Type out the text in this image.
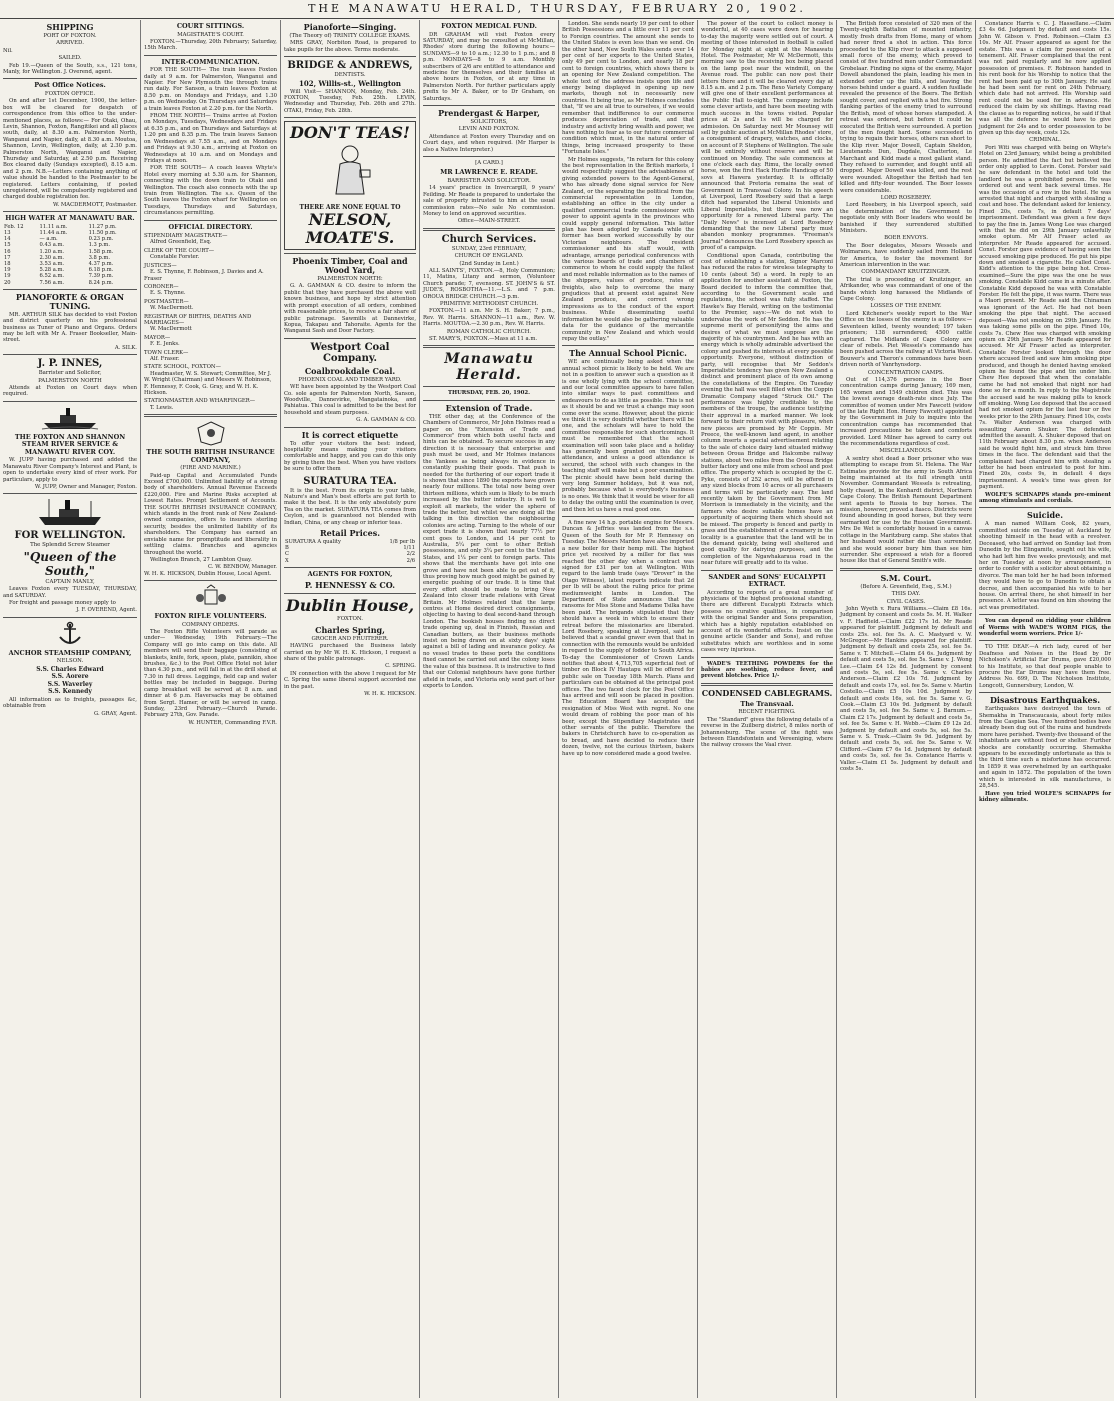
THE MANAWATU HERALD, THURSDAY, FEBRUARY 20, 1902.
SHIPPING
PORT OF FOXTON.
ARRIVED.
Nil.
SAILED.
Feb 19.—Queen of the South, s.s., 121 tons, Manly, for Wellington. J. Overend, agent.
Post Office Notices.
FOXTON OFFICE.
On and after 1st December, 1900, the letter-box will be cleared for despatch of correspondence from this office to the under-mentioned places, as follows:— For Otaki, Ohau, Levin, Shannon, Foxton, Rangitikei and all places south, daily, at 8.30 a.m. Palmerston North, Wanganui and Napier, daily, at 8.30 a.m. Moutoa, Shannon, Levin, Wellington, daily, at 2.30 p.m. Palmerston North, Wanganui and Napier, Thursday and Saturday, at 2.50 p.m. Receiving Box cleared daily (Sundays excepted), 8.15 a.m. and 2 p.m. N.B.—Letters containing anything of value should be handed to the Postmaster to be registered. Letters containing, if posted unregistered, will be compulsorily registered and charged double registration fee.
W. MACDERMOTT, Postmaster.
HIGH WATER AT MANAWATU BAR.
Feb. 12	11.11 a.m.	11.27 p.m.
13	11.44 a.m.	11.50 p.m.
14	— a.m.	0.23 p.m.
15	0.43 a.m.	1.3 p.m.
16	1.20 a.m.	1.58 p.m.
17	2.30 a.m.	3.8 p.m.
18	3.53 a.m.	4.37 p.m.
19	5.28 a.m.	6.18 p.m.
19	6.52 a.m.	7.39 p.m.
20	7.56 a.m.	8.24 p.m.
PIANOFORTE & ORGAN TUNING.
MR. ARTHUR SILK has decided to visit Foxton and district quarterly on his professional business as Tuner of Piano and Organs. Orders may be left with Mr A. Fraser Bookseller, Main-street.
A. SILK.
J. P. INNES,
Barrister and Solicitor,
PALMERSTON NORTH
Attends at Foxton on Court days when required.
THE FOXTON AND SHANNON STEAM RIVER SERVICE & MANAWATU RIVER COY.
W. JUPP having purchased and added the Manawatu River Company's Interest and Plant, is open to undertake every kind of river work. For particulars, apply to
W. JUPP, Owner and Manager, Foxton.
FOR WELLINGTON.
The Splendid Screw Steamer
"Queen of the South,"
CAPTAIN MANLY,
Leaves Foxton every TUESDAY, THURSDAY, and SATURDAY.
For freight and passage money apply to
J. F. OVEREND, Agent.
ANCHOR STEAMSHIP COMPANY,
NELSON.
S.S. Charles Edward
S.S. Aorere
S.S. Waverley
S.S. Kennedy
All information as to freights, passages &c, obtainable from
G. GRAY, Agent.
COURT SITTINGS.
MAGISTRATE'S COURT.
FOXTON.—Thursday, 20th February; Saturday, 15th March.
INTER-COMMUNICATION.
FOR THE SOUTH— The train leaves Foxton daily at 9 a.m. for Palmerston, Wanganui and Napier. For New Plymouth the through trains run daily. For Sanson, a train leaves Foxton at 8.50 p.m. on Mondays and Fridays, and 1.30 p.m. on Wednesday. On Thursdays and Saturdays a train leaves Foxton at 2.20 p.m. for the North.
FROM THE NORTH— Trains arrive at Foxton on Mondays, Tuesdays, Wednesdays and Fridays at 6.35 p.m., and on Thursdays and Saturdays at 1.20 pm and 8.35 p.m. The train leaves Sanson on Wednesdays at 7.55 a.m., and on Mondays and Fridays at 9.30 a.m., arriving at Foxton on Wednesdays at 10 a.m. and on Mondays and Fridays at noon.
FOR THE SOUTH— A coach leaves Whyte's Hotel every morning at 5.30 a.m. for Shannon, connecting with the down train to Otaki and Wellington. The coach also connects with the up train from Wellington. The s.s. Queen of the South leaves the Foxton wharf for Wellington on Tuesdays, Thursdays and Saturdays, circumstances permitting.
OFFICIAL DIRECTORY.
STIPENDIARY MAGISTRATE—
Alfred Greenfield, Esq.
CLERK OF THE COURT—
Constable Forster.
JUSTICES—
E. S. Thynne, F. Robinson, J. Davies and A. Fraser
CORONER—
E. S. Thynne.
POSTMASTER—
W. MacDermott.
REGISTRAR OF BIRTHS, DEATHS AND MARRIAGES—
W. MacDermott
MAYOR—
F. E. Jenks.
TOWN CLERK—
Alf. Fraser.
STATE SCHOOL, FOXTON—
Headmaster, W. S. Stewart; Committee, Mr J. W. Wright (Chairman) and Messrs W. Robinson, F. Hennessy, F. Cook, G. Gray, and W. H. K. Hickson.
STATIONMASTER AND WHARFINGER—
T. Lewis.
THE SOUTH BRITISH INSURANCE COMPANY,
(FIRE AND MARINE.)
Paid-up Capital and Accumulated Funds Exceed £700,000. Unlimited liability of a strong body of shareholders. Annual Revenue Exceeds £220,000. Fire and Marine Risks accepted at Lowest Rates. Prompt Settlement of Accounts. THE SOUTH BRITISH INSURANCE COMPANY, which stands in the front rank of New Zealand-owned companies, offers to insurers sterling security, besides the unlimited liability of its shareholders. The Company has earned an enviable name for promptitude and liberality in settling claims. Branches and agencies throughout the world.
Wellington Branch, 27 Lambton Quay.
C. W. BENBOW, Manager.
W. H. K. HICKSON, Dublin House, Local Agent.
FOXTON RIFLE VOLUNTEERS.
COMPANY ORDERS.
The Foxton Rifle Volunteers will parade as under— Wednesday, 19th February.—The Company will go into camp on this date. All members will send their baggage (consisting of blankets, knife, fork, spoon, plate, pannikin, shoe brushes, &c.) to the Post Office Hotel not later than 4.30 p.m., and will fall in at the drill shed at 7.30 in full dress. Leggings, field cap and water bottles may be included in baggage. During camp breakfast will be served at 8 a.m. and dinner at 6 p.m. Haversacks may be obtained from Sergt. Hamer, or will be served in camp. Sunday, 23rd February.—Church Parade. February 27th, Gov. Parade.
W. HUNTER, Commanding F.V.R.
Pianoforte—Singing.
(The Theory of) TRINITY COLLEGE EXAMS.
MRS GRAY, Norbiton Road, is prepared to take pupils for the above. Terms moderate.
BRIDGE & ANDREWS,
DENTISTS.
102, Willis-st., Wellington
Will Visit— SHANNON, Monday, Feb. 24th. FOXTON, Tuesday, Feb. 25th. LEVIN, Wednesday and Thursday, Feb. 26th and 27th. OTAKI, Friday, Feb. 28th.
DON'T TEAS!
THERE ARE NONE EQUAL TO
NELSON, MOATE'S.
Phoenix Timber, Coal and Wood Yard,
PALMERSTON NORTH:
G. A. GAMMAN & CO. desire to inform the public that they have purchased the above well known business, and hope by strict attention with prompt execution of all orders, combined with reasonable prices, to receive a fair share of public patronage. Sawmills at Dannevirke, Kopua, Takapau and Tahoraite. Agents for the Wanganui Sash and Door Factory.
Westport Coal Company.
Coalbrookdale Coal.
PHOENIX COAL AND TIMBER YARD.
WE have been appointed by the Westport Coal Co. sole agents for Palmerston North, Sanson, Woodville, Dannevirke, Mangatainoka, and Pahiatua. This coal is admitted to be the best for household and steam purposes.
G. A. GAMMAN & CO.
It is correct etiquette
To offer your visitors the best: indeed, hospitality means making your visitors comfortable and happy, and you can do this only by giving them the best. When you have visitors be sure to offer them
SURATURA TEA.
It is the best. From its origin to your table, Nature's and Man's best efforts are put forth to make it the best. It is the only absolutely pure Tea on the market. SURATURA TEA comes from Ceylon, and is guaranteed not blended with Indian, China, or any cheap or inferior teas.
Retail Prices.
SURATURA A quality	1/8 per lb
B	1/11
C	2/2
X	2/6
AGENTS FOR FOXTON,
P. HENNESSY & CO.
Dublin House,
FOXTON.
Charles Spring,
GROCER AND FRUITERER.
HAVING purchased the Business lately carried on by Mr W. H. K. Hickson, I request a share of the public patronage.
C. SPRING.
IN connection with the above I request for Mr C. Spring the same liberal support accorded me in the past.
W. H. K. HICKSON.
FOXTON MEDICAL FUND.
DR GRAHAM will visit Foxton every SATURDAY, and may be consulted at McMillan, Rhodes' store during the following hours:— SUNDAYS—9 to 10 a.m.; 12.30 to 1 p.m.; and 8 p.m. MONDAYS—8 to 9 a.m. Monthly subscribers of 2/6 are entitled to attendance and medicine for themselves and their families at above hours in Foxton, or at any time in Palmerston North. For further particulars apply prefix to Mr A. Baker, or to Dr Graham, on Saturdays.
Prendergast & Harper,
SOLICITORS,
LEVIN AND FOXTON.
Attendance at Foxton every Thursday and on Court days, and when required. (Mr Harper is also a Native Interpreter.)
[A CARD.]
MR LAWRENCE E. READE.
BARRISTER AND SOLICITOR.
14 years' practice in Invercargill, 9 years' Feilding. Mr Reade is prepared to undertake the sale of property intrusted to him at the usual commission rates—No sale No commission. Money to lend on approved securities.
Office—MAIN-STREET.
Church Services.
SUNDAY, 23rd FEBRUARY,
CHURCH OF ENGLAND.
(2nd Sunday in Lent.)
ALL SAINTS', FOXTON.—8, Holy Communion; 11, Matins, Litany and sermon, (Volunteer Church parade; 7, evensong. ST. JOHN'S & ST. JUDE'S, ROSBOTHA—11.—L.S. and 7 p.m. OROUA BRIDGE CHURCH.—3 p.m.
PRIMITIVE METHODIST CHURCH.
FOXTON.—11 a.m. Mr S. H. Baker; 7 p.m., Rev. W. Harris. SHANNON—11 a.m., Rev. W. Harris. MOUTOA.—2.30 p.m., Rev. W. Harris.
ROMAN CATHOLIC CHURCH.
ST. MARY'S, FOXTON.—Mass at 11 a.m.
Manawatu Herald.
THURSDAY, FEB. 20, 1902.
Extension of Trade.
THE other day, at the Conference of the Chambers of Commerce, Mr John Holmes read a paper on the "Extension of Trade and Commerce" from which both useful facts and hints can be obtained. To secure success in any direction it is necessary that enterprise and push must be used, and Mr Holmes instances the Yankees as being always in evidence in constantly pushing their goods. That push is needed for the furthering of our export trade it is shown that since 1890 the exports have grown nearly four millions. The total now being over thirteen millions, which sum is likely to be much increased by the butter industry. It is well to exploit all markets, the wider the sphere of trade the better, but whilst we are doing all the talking in this direction the neighbouring colonies are acting. Turning to the whole of our export trade it is shown that nearly 77½ per cent goes to London, and 14 per cent to Australia, 5¼ per cent to other British possessions, and only 3¼ per cent to the United States, and 1¼ per cent to foreign parts. This shows that the merchants have got into one grove and have not been able to get out of it, thus proving how much good might be gained by energetic pushing of our trade. It is time that every effort should be made to bring New Zealand into closer trade relations with Great Britain. Mr Holmes related that the large centres at Home desired direct consignments, objecting to having to deal second-hand through London. The bookish houses finding no direct trade opening up, deal in Finnish, Russian and Canadian butters, as their business methods insist on being drawn on at sixty days' sight against a bill of lading and insurance policy. As no vessel trades to these ports the conditions fixed cannot be carried out and the colony loses the value of this business. It is instructive to find that our Colonial neighbours have gone further afield in trade, and Victoria only send part of her exports to London.
London. She sends nearly 19 per cent to other British Possessions and a little over 11 per cent to Foreign countries. The amount she sends to the United States is even less than we send. On the other hand, New South Wales sends over 14 per cent of her exports to the United States, only 49 per cent to London, and nearly 18 per cent to foreign countries, which shows there is an opening for New Zealand competition. The whole text of the address insists upon life and energy being displayed in opening up new markets, though not in necessarily new countries. It being true, as Mr Holmes concludes that, "If we are all true to ourselves, if we would remember that indifference to our commerce produces depreciation of trade, and that industry and activity bring wealth and power, we have nothing to fear as to our future commercial condition which must, in the natural order of things, bring increased prosperity to these "Fortunate Isles."
Mr Holmes suggests, "In return for this colony the best representation in the British markets, I would respectfully suggest the advisableness of giving extended powers to the Agent-General, who has already done signal service for New Zealand, or the separating the political from the commercial representation in London, establishing an office in the city under a qualified commercial trade commissioner with power to appoint agents in the provinces who could supply general information. This latter plan has been adopted by Canada while the former has been worked successfully by our Victorian neighbours. The resident commissioner and his staff would, with advantage, arrange periodical conferences with the various boards of trade and chambers of commerce to whom he could supply the fullest and most reliable information as to the names of the shippers, values of produce, rates of freights, also help to overcome the many prejudices that at present exist against New Zealand produce, and correct wrong impressions as to the conduct of the export business. While disseminating useful information he would also be gathering valuable data for the guidance of the mercantile community in New Zealand and which would repay the outlay."
The Annual School Picnic.
WE are continually being asked when the annual school picnic is likely to be held. We are not in a position to answer such a question as it is one wholly lying with the school committee, and our local committee appears to have fallen into similar ways to past committees and endeavours to do as little as possible. This is not as it should be and we trust a change may soon come over the scene. However, about the picnic we think it is very doubtful whether there will be one, and the scholars will have to hold the committee responsible for such shortcomings. It must be remembered that the school examination will soon take place and a holiday has generally been granted on this day of attendance, and unless a good attendance is secured, the school with such changes in the teaching staff will make but a poor examination. The picnic should have been held during the very long Summer holidays, but it was not, probably because what is everybody's business is no ones. We think that it would be wiser for all to delay the outing until the examination is over, and then let us have a real good one.
A fine new 14 h.p. portable engine for Messrs. Duncan & Jeffries was landed from the s.s. Queen of the South for Mr P. Hennessy on Tuesday. The Messrs Mardon have also imported a new boiler for their hemp mill. The highest price yet received by a miller for flax was reached the other day when a contract was signed for £31 per ton at Wellington. With regard to the lamb trade (says "Drover" in the Otago Witness), latest reports indicate that 2d per lb will be about the ruling price for prime mediumweight lambs in London. The Department of State announces that the ransoms for Miss Stone and Madame Tsilka have been paid. The brigands stipulated that they should have a week in which to ensure their retreat before the missionaries are liberated. Lord Rosebery, speaking at Liverpool, said he believed that a scandal graver even that that in connection with the remounts would be unfolded in regard to the supply of fodder to South Africa. To-day the Commissioner of Crown Lands notifies that about 4,713,705 superficial feet of timber on Block IV Hautapu will be offered for public sale on Tuesday 18th March. Plans and particulars can be obtained at the principal post offices. The two faced clock for the Post Office has arrived and will soon be placed in position. The Education Board has accepted the resignation of Miss West with regret. No one would dream of robbing the poor man of his beer, except the Stipendiary Magistrates and other servants of the public. Therefore the bakers in Christchurch have to co-operation as to bread, and have decided to reduce their dozen, twelve, not the curious thirteen, bakers have up to now considered made a good twelve.
The power of the court to collect money is wonderful, at 40 cases were down for hearing to-day the majority were settled out of court. A meeting of those interested in football is called for Monday night at eight at the Manawatu Hotel. The Postmaster, Mr W. McDermott, this morning saw to the receiving box being placed on the lamp post near the windmill, on the Avenue road. The public can now post their letters there and it will be cleared every day at 8.15 a.m. and 2 p.m. The Rexo Variety Company will give one of their excellent performances at the Public Hall to-night. The company include some clever artists, and have been meeting with much success in the towns visited. Popular prices at 2s and 1s will be charged for admission. On Saturday next Mr Mounsey will sell by public auction at McMillan Rhodes' store, a consignment of drapery, watches, and clocks, on account of P. Stephens of Wellington. The sale will be entirely without reserve and will be continued on Monday. The sale commences at one o'clock each day. Rimu, the locally owned horse, won the first Hack Hurdle Handicap of 50 sovs at Hawera yesterday. It is officially announced that Pretoria remains the seat of Government in Transvaal Colony. In his speech at Liverpool, Lord Rosebery said that a large ditch had separated the Liberal Unionists and Liberal Imperialists, but there was now an opportunity for a renewed Liberal party. The "Daily News" is incensed at Lord Rosebery demanding that the new Liberal party must abandon monkey programmes. "Freeman's Journal" denounces the Lord Rosebery speech as proof of a campaign.
Conditional upon Canada, contributing the cost of establishing a station, Signor Marconi has reduced the rates for wireless telegraphy to 10 cents (about 5d) a word. In reply to an application for another assistant at Foxton, the Board decided to inform the committee that, according to the Government scale and regulations, the school was fully staffed. The Hawke's Bay Herald, writing on the testimonial to the Premier, says:—We do not wish to undervalue the work of Mr Seddon. He has the supreme merit of personifying the aims and desires of what we must suppose are the majority of his countrymen. And he has with an energy which is wholly admirable advertised the colony and pushed its interests at every possible opportunity. Everyone, without distinction of party, will recognise that Mr Seddon's Imperialistic tendency has given New Zealand a distinct and prominent place of its own among the constellations of the Empire. On Tuesday evening the hall was well filled when the Coppin Dramatic Company staged "Struck Oil." The performance was highly creditable to the members of the troupe, the audience testifying their approval in a marked manner. We look forward to their return visit with pleasure, when new pieces are promised by Mr Coppin. Mr Preece, the well-known land agent, in another column inserts a special advertisement relating to the sale of choice dairy land situated midway between Oroua Bridge and Halcombe railway stations, about two miles from the Oroua Bridge butter factory and one mile from school and post office. The property which is occupied by the C. Pyke, consists of 252 acres, will be offered in any sized blocks from 10 acres or all purchasers and terms will be particularly easy. The land recently taken by the Government from Mr Morrison is immediately in the vicinity, and the farmers who desire suitable homes have an opportunity of acquiring them which should not be missed. The property is fenced and partly in grass and the establishment of a creamery in the locality is a guarantee that the land will be in the demand quickly, being well sheltered and good quality for dairying purposes, and the completion of the Ngawhakaraua road in the near future will greatly add to its value.
SANDER and SONS' EUCALYPTI EXTRACT.
According to reports of a great number of physicians of the highest professional standing, there are different Eucalypti Extracts which possess no curative qualities, in comparison with the original Sander and Sons preparation, which has a highly reputation established on account of its wonderful effects. Insist on the genuine article (Sander and Sons), and refuse substitutes which are worthless and in some cases very injurious.
WADE'S TEETHING POWDERS for the babies are soothing, reduce fever, and prevent blotches. Price 1/-
CONDENSED CABLEGRAMS.
The Transvaal.
RECENT FIGHTING.
The "Standard" gives the following details of a reverse in the Zuilberg district, 8 miles north of Johannesburg. The scene of the fight was between Elandsfontein and Vereeniging, where the railway crosses the Vaal river.
The British force consisted of 320 men of the Twenty-eighth Battalion of mounted infantry, mostly fresh drafts from Home, many of whom had never fired a shot in action. This force proceeded to the Klip river to attack a supposed small force of the enemy, which proved to consist of five hundred men under Commandant Grobelaar. Finding no signs of the enemy, Major Dowell abandoned the plain, leading his men in extended order up the hills, and leaving the horses behind under a guard. A sudden fusillade revealed the presence of the Boers. The British sought cover, and replied with a hot fire. Strong flanking parties of the enemy tried to surround the British, most of whose horses stampeded. A retreat was ordered, but before it could be executed the British were surrounded. A portion of the men fought hard. Some succeeded in trying to regain their horses, others ran short to the Klip river. Major Dowell, Captain Sheldon, Lieutenants Dun, Dugdale, Chatterton, Le Marchant and Kidd made a most gallant stand. They refused to surrender, and fought until all dropped. Major Dowell was killed, and the rest were wounded. Altogether the British had ten killed and fifty-four wounded. The Boer losses were considerable.
LORD ROSEBERY.
Lord Rosebery, in his Liverpool speech, said the determination of the Government to negotiate only with Boer leaders who would be banished if they surrendered stultified Ministers.
BOER ENVOYS.
The Boer delegates, Messrs Wessels and Wolmarans, have suddenly sailed from Holland for America, to foster the movement for American intervention in the war.
COMMANDANT KRUITZINGER.
The trial is proceeding of Kruitzinger, an Afrikander, who was commandant of one of the bands which long harassed the Midlands of Cape Colony.
LOSSES OF THE ENEMY.
Lord Kitchener's weekly report to the War Office on the losses of the enemy is as follows:—Seventeen killed, twenty wounded; 197 taken prisoners; 138 surrendered; 4500 cattle captured. The Midlands of Cape Colony are clear of rebels. Piet Wessels's commando has been pushed across the railway at Victoria West. Bouwer's and Theron's commandoes have been driven north of Vanrhynsdorp.
CONCENTRATION CAMPS.
Out of 114,376 persons in the Boer concentration camps during January, 169 men, 165 women and 1549 children died. This was the lowest average death-rate since July. The committee of women under Mrs Fawcett (widow of the late Right Hon. Henry Fawcett) appointed by the Government in July to inquire into the concentration camps has recommended that increased precautions be taken and comforts provided. Lord Milner has agreed to carry out the recommendations regardless of cost.
MISCELLANEOUS.
A sentry shot dead a Boer prisoner who was attempting to escape from St. Helena. The War Estimates provide for the army in South Africa being maintained at its full strength until November. Commandant Wessels is retreating, hotly chased, in the Kenhardt district, Northern Cape Colony. The British Remount Department sent agents to Russia to buy horses. The mission, however, proved a fiasco. Districts were found abounding in good horses, but they were earmarked for use by the Russian Government. Mrs De Wet is comfortably housed in a canvas cottage in the Maritzburg camp. She states that her husband would rather die than surrender, and she would sooner bury him than see him surrender. She expressed a wish for a floored house like that of General Smith's wife.
S.M. Court.
(Before A. Greenfield, Esq., S.M.)
THIS DAY.
CIVIL CASES.
John Wyeth v. Rura Williams.—Claim £8 16s. Judgment by consent and costs 5s. M. H. Walker v. F. Hadfield.—Claim £22 17s 1d. Mr Reade appeared for plaintiff. Judgment by default and costs 25s. sol. fee 5s. A. C. Mastyard v. W. McGregor.—Mr Hankins appeared for plaintiff. Judgment by default and costs 25s, sol. fee 5s. Same v. T. Mitchell.—Claim £4 6s. Judgment by default and costs 5s, sol. fee 5s. Same v. J. Wong Lee.—Claim £4 12s 8d. Judgment by consent and costs 5s, sol. fee 5s. Same v. Charles Anderson.—Claim £2 10s 7d. Judgment by default and costs 17s, sol. fee 5s. Same v. Martin Costello.—Claim £5 10s 10d. Judgment by default and costs 16s, sol. fee 5s. Same v. G. Cook.—Claim £3 10s 9d. Judgment by default and costs 5s, sol. fee 5s. Same v. J. Barnum.—Claim £2 17s. Judgment by default and costs 5s, sol. fee 5s. Same v. H. Webb.—Claim £9 12s 2d. Judgment by default and costs 5s, sol. fee 5s. Same v. S. Trask.—Claim 9s 9d. Judgment by default and costs 5s, sol. fee 5s. Same v. W. Clifford.—Claim £7 6s 1d. Judgment by default and costs 5s, sol. fee 5s. Constance Harris v. Valler.—Claim £1 5s. Judgment by default and costs 5s.
Constance Harris v. C. J. Hassellane.—Claim £3 4s 6d. Judgment by default and costs 15s. John W. Gibson v. Fred. Robinson.—Claim £3 10s. Mr Alf. Fraser appeared as agent for the estate. This was a claim for possession of a tenement. Alf. Fraser complained that the rent was not paid regularly and he now applied possession of premises. F. Robinson handed in his rent book for his Worship to notice that the rent had been paid up to 30th January. He said he had been sent for rent on 24th February, which date had not arrived. His Worship said rent could not be sued for in advance. He reduced the claim by six shillings. Having read the clause as to regarding notices, he said if that was all the defence he would have to give judgment for 24s and to order possession to be given up this day week, costs 12s.
CRIMINAL.
Pori Witi was charged with being on Whyte's Hotel on 23rd January, whilst being a prohibited person. He admitted the fact but believed the order only applied to Levin. Const. Forster said he saw defendant in the hotel and told the landlord he was a prohibited person. He was ordered out and went back several times. He was the occasion of a row in the hotel. He was arrested that night and charged with stealing a coat and hose. The defendant asked for leniency. Fined 20s, costs 7s, in default 7 days' imprisonment. Defendant was given a few days to pay the fine in. James Wong Lee was charged with that he did on 29th January unlawfully smoke opium. Mr Alf Fraser acted as interpreter. Mr Reade appeared for accused. Const. Forster gave evidence of having seen the accused smoking pipe produced. He put his pipe down and smoked a cigarette. He called Const. Kidd's attention to the pipe being hot. Cross-examined—Sure the pipe was the one he was smoking. Constable Kidd came in a minute after. Constable Kidd deposed he was with Constable Forster. He felt the pipe, it was warm. There was a Maori present. Mr Reade said the Chinaman was ignorant of the Act. He had not been smoking the pipe that night. The accused deposed—Was not smoking on 29th January. He was taking some pills on the pipe. Fined 10s, costs 7s. Chew Hee was charged with smoking opium on 29th January. Mr Reade appeared for accused. Mr Alf Fraser acted as interpreter. Constable Forster looked through the door where accused lived and saw him smoking pipe produced, and though he denied having smoked opium he found the pipe and tin under him. Chew Hee deposed that when the constable came he had not smoked that night nor had done so for a month. In reply to the Magistrate the accused said he was making pills to knock off smoking. Wong Lee deposed that the accused had not smoked opium for the last four or five weeks prior to the 29th January. Fined 10s, costs 7s. Walter Anderson was charged with assaulting Aaron Shuker. The defendant admitted the assault. A. Shuker deposed that on 11th February about 8.30 p.m. when Anderson said he would fight him, and struck him three times in the face. The defendant said that the complainant had charged him with stealing a letter he had been entrusted to post for him. Fined 20s, costs 9s, in default 4 days imprisonment. A week's time was given for payment.
WOLFE'S SCHNAPPS stands pre-eminent among stimulants and cordials.
Suicide.
A man named William Cook, 82 years, committed suicide on Tuesday at Auckland by shooting himself in the head with a revolver. Deceased, who had arrived on Sunday last from Dunedin by the Elingamite, sought out his wife, who had left him five weeks previously, and met her on Tuesday at noon by arrangement, in order to confer with a solicitor about obtaining a divorce. The man told her he had been informed they would have to go to Dunedin to obtain a decree, and then accompanied his wife to her house. On arrival there, he shot himself in her presence. A letter was found on him showing the act was premeditated.
You can depend on ridding your children of Worms with WADE'S WORM FIGS, the wonderful worm worriers. Price 1/-
TO THE DEAF.—A rich lady, cured of her Deafness and Noises in the Head by Dr Nicholson's Artificial Ear Drums, gave £20,000 to his Institute, so that deaf people unable to procure the Ear Drums may have them free. Address No. 699, D. The Nicholson Institute, Longcott, Gunnersbury, London, W.
Disastrous Earthquakes.
Earthquakes have destroyed the town of Shemakha in Transcaucasia, about forty miles from the Caspian Sea. Two hundred bodies have already been dug out of the ruins and hundreds more have perished. Twenty-five thousand of the inhabitants are without food or shelter. Further shocks are constantly occurring. Shemakha appears to be exceedingly unfortunate as this is the third time such a misfortune has occurred. In 1859 it was overwhelmed by an earthquake and again in 1872. The population of the town which is interested in silk manufactures, is 28,545.
Have you tried WOLFE'S SCHNAPPS for kidney ailments.
